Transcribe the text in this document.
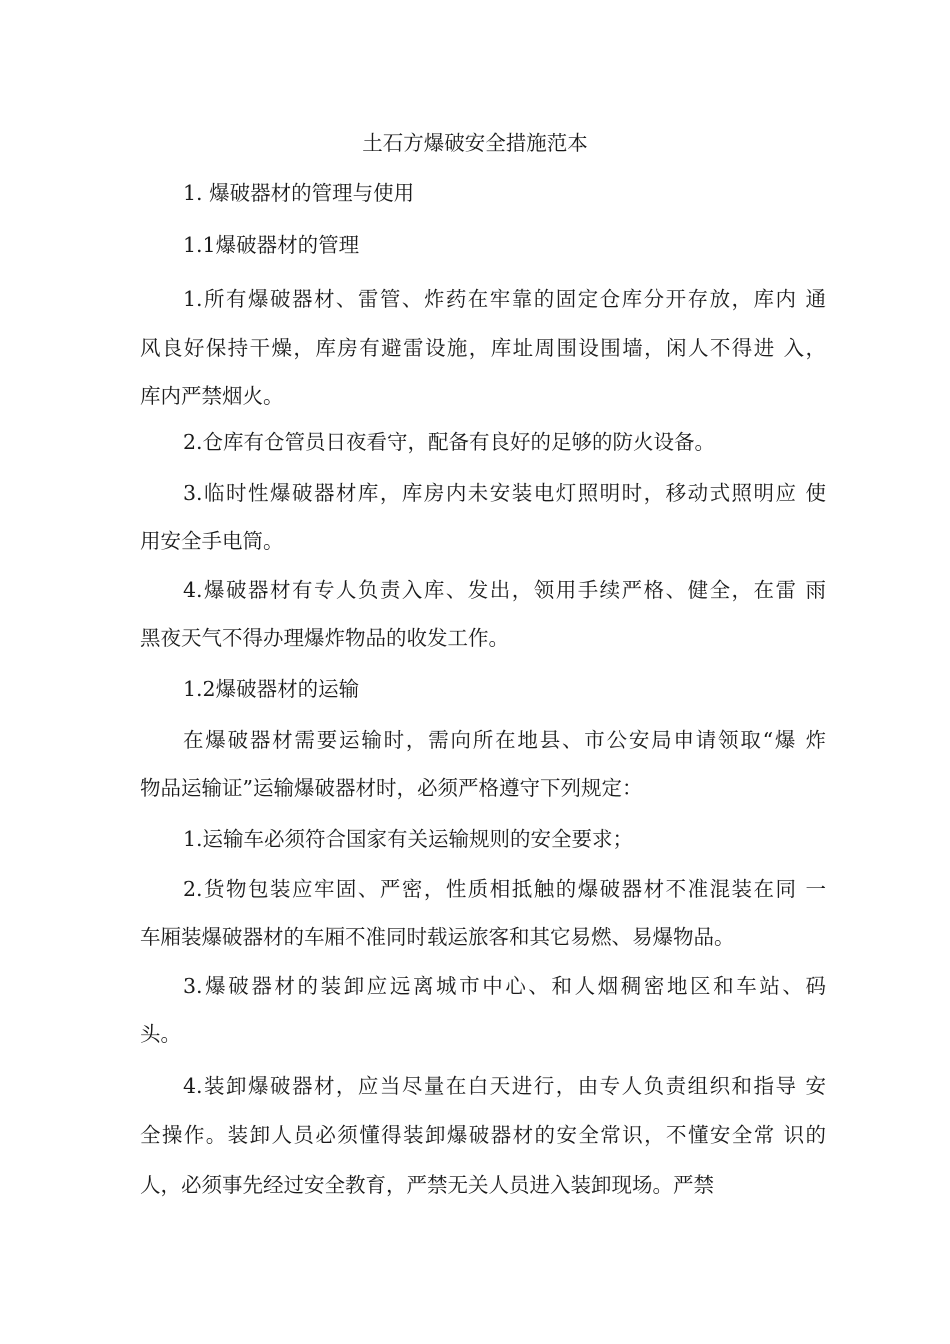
土石方爆破安全措施范本

1. 爆破器材的管理与使用

1.1爆破器材的管理

1.所有爆破器材、雷管、炸药在牢靠的固定仓库分开存放，库内 通

风良好保持干燥，库房有避雷设施，库址周围设围墙，闲人不得进 入，

库内严禁烟火。

2.仓库有仓管员日夜看守，配备有良好的足够的防火设备。

3.临时性爆破器材库，库房内未安装电灯照明时，移动式照明应 使

用安全手电筒。

4.爆破器材有专人负责入库、发出，领用手续严格、健全，在雷 雨

黑夜天气不得办理爆炸物品的收发工作。

1.2爆破器材的运输

在爆破器材需要运输时，需向所在地县、市公安局申请领取“爆 炸

物品运输证”运输爆破器材时，必须严格遵守下列规定：

1.运输车必须符合国家有关运输规则的安全要求；

2.货物包装应牢固、严密，性质相抵触的爆破器材不准混装在同 一

车厢装爆破器材的车厢不准同时载运旅客和其它易燃、易爆物品。

3.爆破器材的装卸应远离城市中心、和人烟稠密地区和车站、码

头。

4.装卸爆破器材，应当尽量在白天进行，由专人负责组织和指导 安

全操作。装卸人员必须懂得装卸爆破器材的安全常识，不懂安全常 识的

人，必须事先经过安全教育，严禁无关人员进入装卸现场。严禁
